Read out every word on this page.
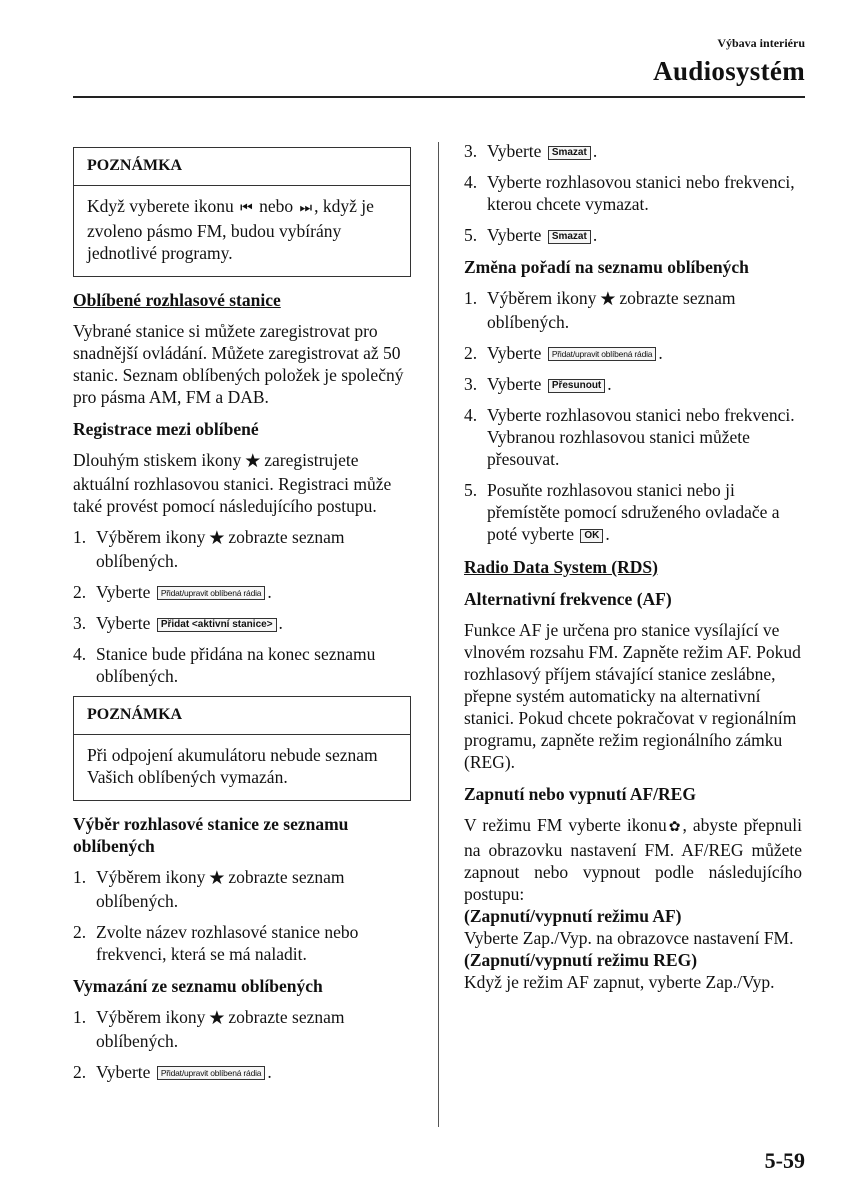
Výbava interiéru
Audiosystém
POZNÁMKA
Když vyberete ikonu ⏮ nebo ⏭ , když je zvoleno pásmo FM, budou vybírány jednotlivé programy.
Oblíbené rozhlasové stanice

Vybrané stanice si můžete zaregistrovat pro snadnější ovládání. Můžete zaregistrovat až 50 stanic. Seznam oblíbených položek je společný pro pásma AM, FM a DAB.

Registrace mezi oblíbené

Dlouhým stiskem ikony ★ zaregistrujete aktuální rozhlasovou stanici. Registraci může také provést pomocí následujícího postupu.

1. Výběrem ikony ★ zobrazte seznam oblíbených.
2. Vyberte Přidat/upravit oblíbená rádia .
3. Vyberte Přidat <aktivní stanice> .
4. Stanice bude přidána na konec seznamu oblíbených.
POZNÁMKA
Při odpojení akumulátoru nebude seznam Vašich oblíbených vymazán.
Výběr rozhlasové stanice ze seznamu oblíbených
1. Výběrem ikony ★ zobrazte seznam oblíbených.
2. Zvolte název rozhlasové stanice nebo frekvenci, která se má naladit.
Vymazání ze seznamu oblíbených
1. Výběrem ikony ★ zobrazte seznam oblíbených.
2. Vyberte Přidat/upravit oblíbená rádia .
3. Vyberte Smazat .
4. Vyberte rozhlasovou stanici nebo frekvenci, kterou chcete vymazat.
5. Vyberte Smazat .
Změna pořadí na seznamu oblíbených
1. Výběrem ikony ★ zobrazte seznam oblíbených.
2. Vyberte Přidat/upravit oblíbená rádia .
3. Vyberte Přesunout .
4. Vyberte rozhlasovou stanici nebo frekvenci. Vybranou rozhlasovou stanici můžete přesouvat.
5. Posuňte rozhlasovou stanici nebo ji přemístěte pomocí sdruženého ovladače a poté vyberte OK .
Radio Data System (RDS)
Alternativní frekvence (AF)

Funkce AF je určena pro stanice vysílající ve vlnovém rozsahu FM. Zapněte režim AF. Pokud rozhlasový příjem stávající stanice zeslábne, přepne systém automaticky na alternativní stanici. Pokud chcete pokračovat v regionálním programu, zapněte režim regionálního zámku (REG).

Zapnutí nebo vypnutí AF/REG
V režimu FM vyberte ikonu ✿ , abyste přepnuli na obrazovku nastavení FM. AF/REG můžete zapnout nebo vypnout podle následujícího postupu:
(Zapnutí/vypnutí režimu AF)
Vyberte Zap./Vyp. na obrazovce nastavení FM.
(Zapnutí/vypnutí režimu REG)
Když je režim AF zapnut, vyberte Zap./Vyp.
5-59
